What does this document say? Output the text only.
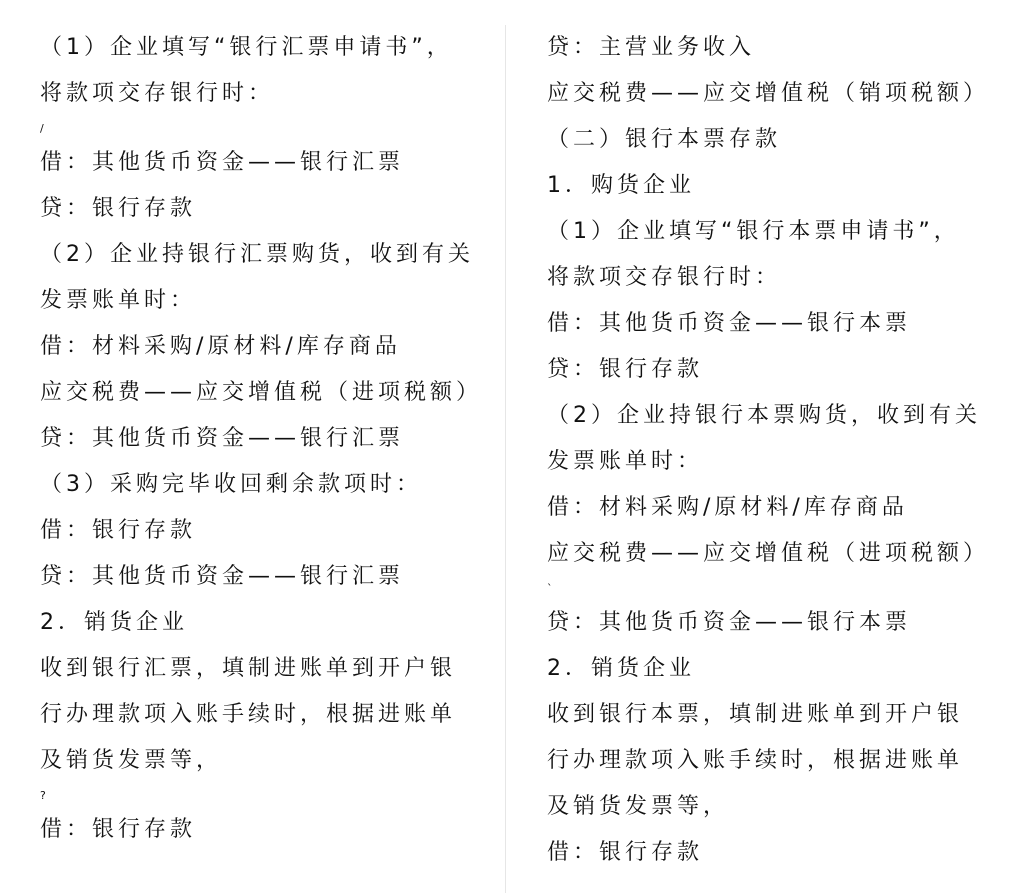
（1）企业填写“银行汇票申请书”，
将款项交存银行时：
/
借：其他货币资金——银行汇票
贷：银行存款
（2）企业持银行汇票购货，收到有关
发票账单时：
借：材料采购/原材料/库存商品
应交税费——应交增值税（进项税额）
贷：其他货币资金——银行汇票
（3）采购完毕收回剩余款项时：
借：银行存款
贷：其他货币资金——银行汇票
2．销货企业
收到银行汇票，填制进账单到开户银
行办理款项入账手续时，根据进账单
及销货发票等，
?
借：银行存款
贷：主营业务收入
应交税费——应交增值税（销项税额）
（二）银行本票存款
1．购货企业
（1）企业填写“银行本票申请书”，
将款项交存银行时：
借：其他货币资金——银行本票
贷：银行存款
（2）企业持银行本票购货，收到有关
发票账单时：
借：材料采购/原材料/库存商品
应交税费——应交增值税（进项税额）
`
贷：其他货币资金——银行本票
2．销货企业
收到银行本票，填制进账单到开户银
行办理款项入账手续时，根据进账单
及销货发票等，
借：银行存款
